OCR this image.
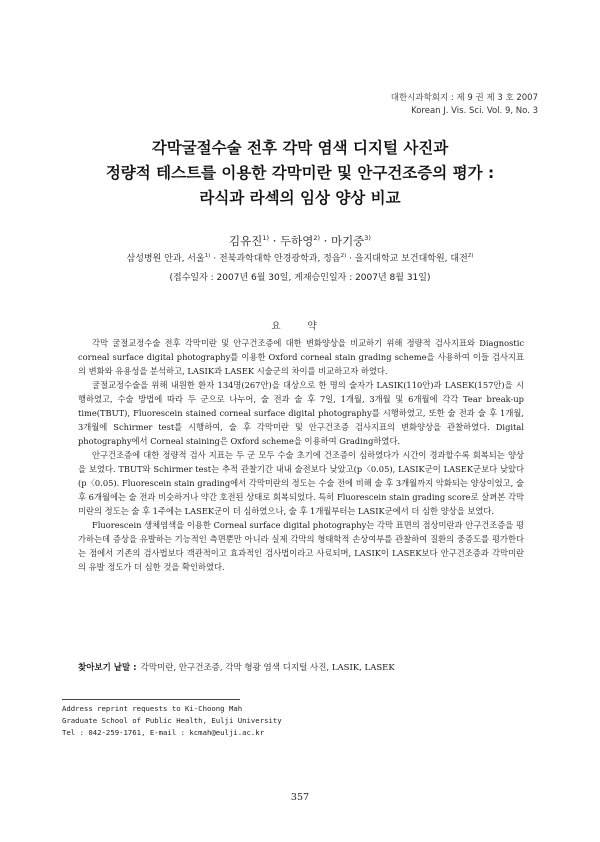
대한시과학회지 : 제 9 권 제 3 호 2007
Korean J. Vis. Sci. Vol. 9, No. 3
각막굴절수술 전후 각막 염색 디지털 사진과
정량적 테스트를 이용한 각막미란 및 안구건조증의 평가 :
라식과 라섹의 임상 양상 비교
김유진$^{1)}$ · 두하영$^{2)}$ · 마기중$^{3)}$
삼성병원 안과, 서울$^{1)}$ · 전북과학대학 안경광학과, 정읍$^{2)}$ · 을지대학교 보건대학원, 대전$^{2)}$
(접수일자 : 2007년 6월 30일, 게재승인일자 : 2007년 8월 31일)
요 약

각막 굴절교정수술 전후 각막미란 및 안구건조증에 대한 변화양상을 비교하기 위해 정량적 검사지표와 Diagnostic corneal surface digital photography를 이용한 Oxford corneal stain grading scheme을 사용하여 이들 검사지표의 변화와 유용성을 분석하고, LASIK과 LASEK 시술군의 차이를 비교하고자 하였다.

굴절교정수술을 위해 내원한 환자 134명(267안)을 대상으로 한 명의 술자가 LASIK(110안)과 LASEK(157안)을 시행하였고, 수술 방법에 따라 두 군으로 나누어, 술 전과 술 후 7일, 1개월, 3개월 및 6개월에 각각 Tear break-up time(TBUT), Fluorescein stained corneal surface digital photography를 시행하였고, 또한 술 전과 술 후 1개월, 3개월에 Schirmer test를 시행하여, 술 후 각막미란 및 안구건조증 검사지표의 변화양상을 관찰하였다. Digital photography에서 Corneal staining은 Oxford scheme을 이용하여 Grading하였다.

안구건조증에 대한 정량적 검사 지표는 두 군 모두 수술 초기에 건조증이 심하였다가 시간이 경과할수록 회복되는 양상을 보였다. TBUT와 Schirmer test는 추적 관찰기간 내내 술전보다 낮았고(p〈0.05), LASIK군이 LASEK군보다 낮았다(p〈0.05). Fluorescein stain grading에서 각막미란의 정도는 수술 전에 비해 술 후 3개월까지 악화되는 양상이었고, 술 후 6개월에는 술 전과 비슷하거나 약간 호전된 상태로 회복되었다. 특히 Fluorescein stain grading score로 살펴본 각막미란의 정도는 술 후 1주에는 LASEK군이 더 심하였으나, 술 후 1개월부터는 LASIK군에서 더 심한 양상을 보였다.

Fluorescein 생체염색을 이용한 Corneal surface digital photography는 각막 표면의 점상미란과 안구건조증을 평가하는데 증상을 유발하는 기능적인 측면뿐만 아니라 실제 각막의 형태학적 손상여부를 관찰하여 질환의 중증도를 평가한다는 점에서 기존의 검사법보다 객관적이고 효과적인 검사법이라고 사료되며, LASIK이 LASEK보다 안구건조증과 각막미란의 유발 정도가 더 심한 것을 확인하였다.

찾아보기 낱말 : 각막미란, 안구건조증, 각막 형광 염색 디지털 사진, LASIK, LASEK
Address reprint requests to Ki-Choong Mah
Graduate School of Public Health, Eulji University
Tel : 042-259-1761, E-mail : kcmah@eulji.ac.kr
357
